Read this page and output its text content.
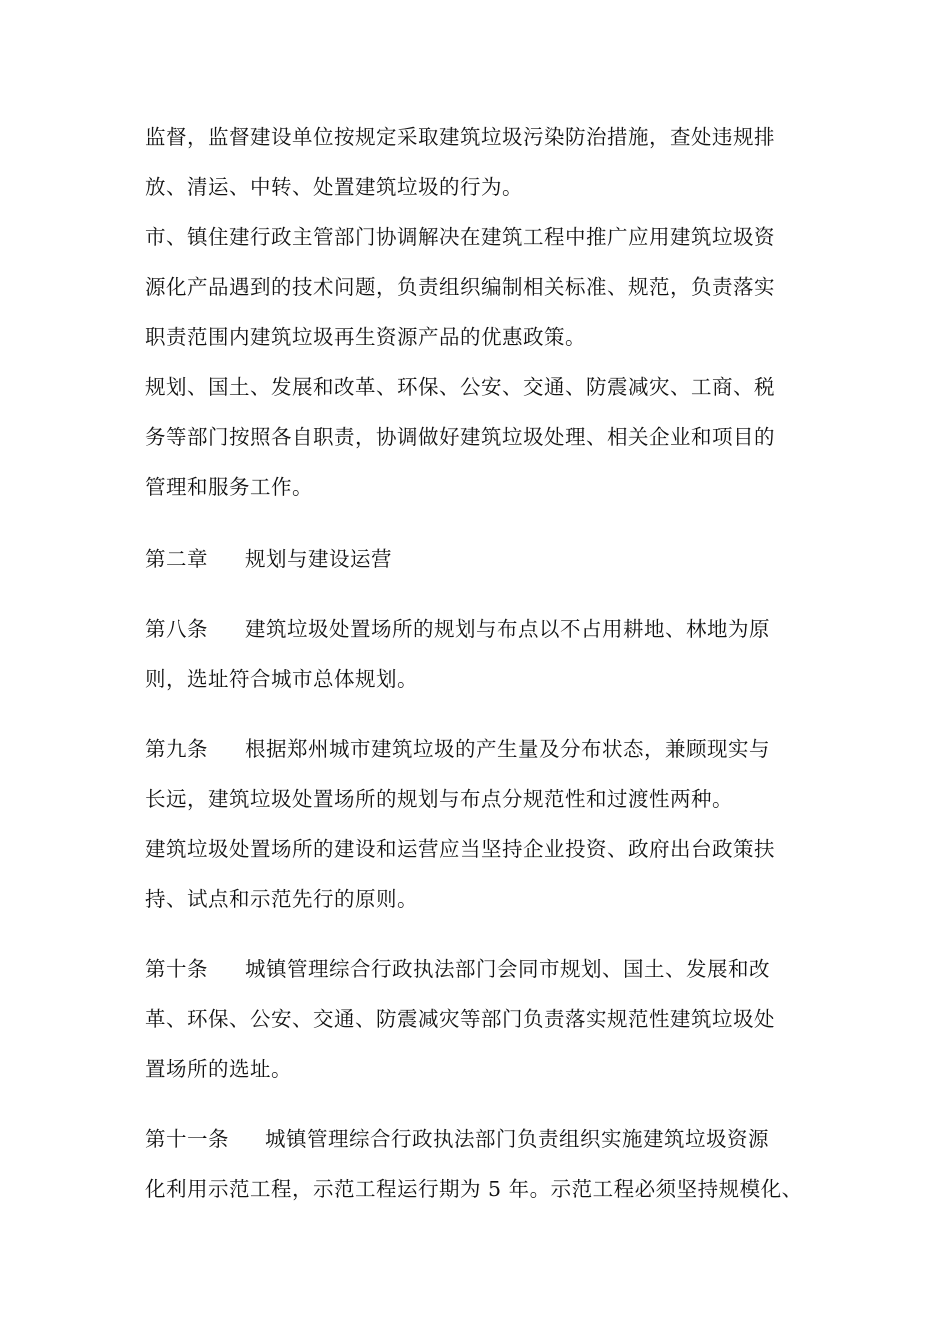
监督，监督建设单位按规定采取建筑垃圾污染防治措施，查处违规排
放、清运、中转、处置建筑垃圾的行为。
市、镇住建行政主管部门协调解决在建筑工程中推广应用建筑垃圾资
源化产品遇到的技术问题，负责组织编制相关标准、规范，负责落实
职责范围内建筑垃圾再生资源产品的优惠政策。
规划、国土、发展和改革、环保、公安、交通、防震减灾、工商、税
务等部门按照各自职责，协调做好建筑垃圾处理、相关企业和项目的
管理和服务工作。
第二章 规划与建设运营
第八条 建筑垃圾处置场所的规划与布点以不占用耕地、林地为原
则，选址符合城市总体规划。
第九条 根据郑州城市建筑垃圾的产生量及分布状态，兼顾现实与
长远，建筑垃圾处置场所的规划与布点分规范性和过渡性两种。
建筑垃圾处置场所的建设和运营应当坚持企业投资、政府出台政策扶
持、试点和示范先行的原则。
第十条 城镇管理综合行政执法部门会同市规划、国土、发展和改
革、环保、公安、交通、防震减灾等部门负责落实规范性建筑垃圾处
置场所的选址。
第十一条 城镇管理综合行政执法部门负责组织实施建筑垃圾资源
化利用示范工程，示范工程运行期为 5 年。示范工程必须坚持规模化、
